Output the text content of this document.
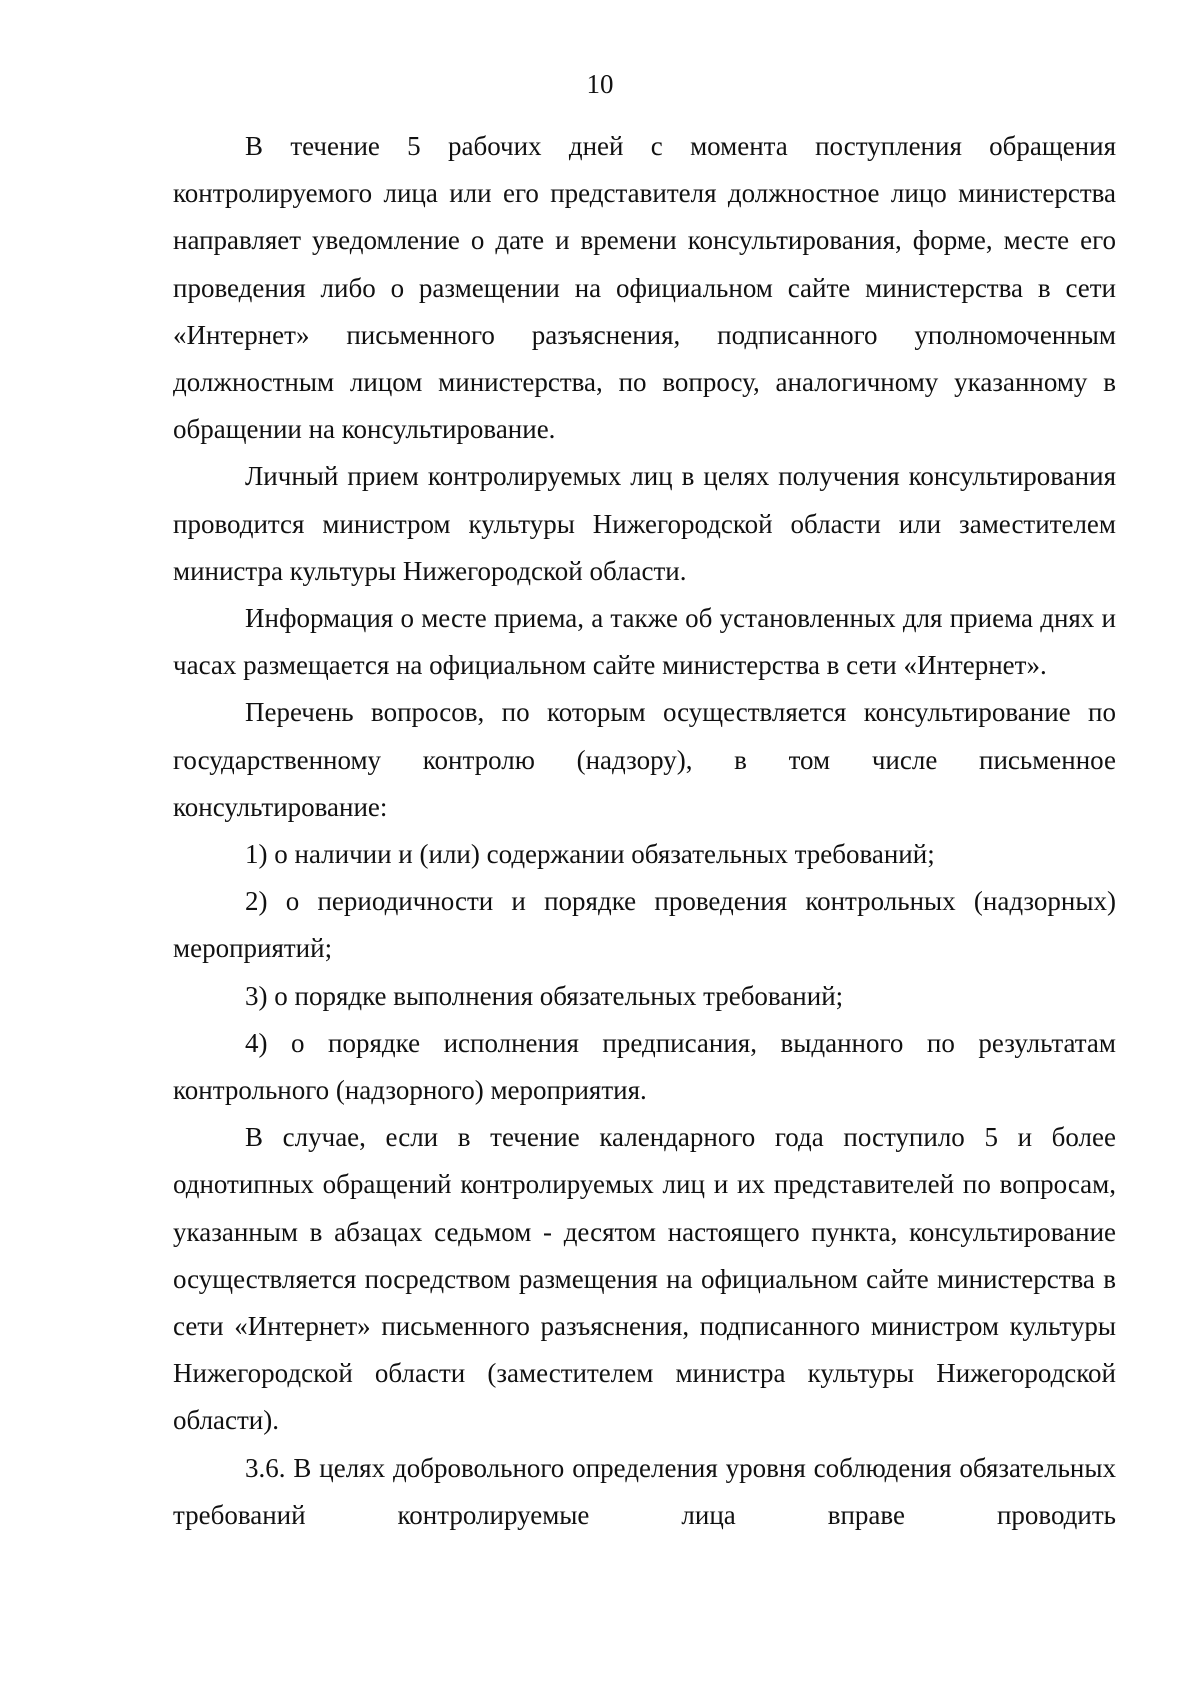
10

В течение 5 рабочих дней с момента поступления обращения контролируемого лица или его представителя должностное лицо министерства направляет уведомление о дате и времени консультирования, форме, месте его проведения либо о размещении на официальном сайте министерства в сети «Интернет» письменного разъяснения, подписанного уполномоченным должностным лицом министерства, по вопросу, аналогичному указанному в обращении на консультирование.

Личный прием контролируемых лиц в целях получения консультирования проводится министром культуры Нижегородской области или заместителем министра культуры Нижегородской области.

Информация о месте приема, а также об установленных для приема днях и часах размещается на официальном сайте министерства в сети «Интернет».

Перечень вопросов, по которым осуществляется консультирование по государственному контролю (надзору), в том числе письменное консультирование:

1) о наличии и (или) содержании обязательных требований;

2) о периодичности и порядке проведения контрольных (надзорных) мероприятий;

3) о порядке выполнения обязательных требований;

4) о порядке исполнения предписания, выданного по результатам контрольного (надзорного) мероприятия.

В случае, если в течение календарного года поступило 5 и более однотипных обращений контролируемых лиц и их представителей по вопросам, указанным в абзацах седьмом - десятом настоящего пункта, консультирование осуществляется посредством размещения на официальном сайте министерства в сети «Интернет» письменного разъяснения, подписанного министром культуры Нижегородской области (заместителем министра культуры Нижегородской области).

3.6. В целях добровольного определения уровня соблюдения обязательных требований контролируемые лица вправе проводить
